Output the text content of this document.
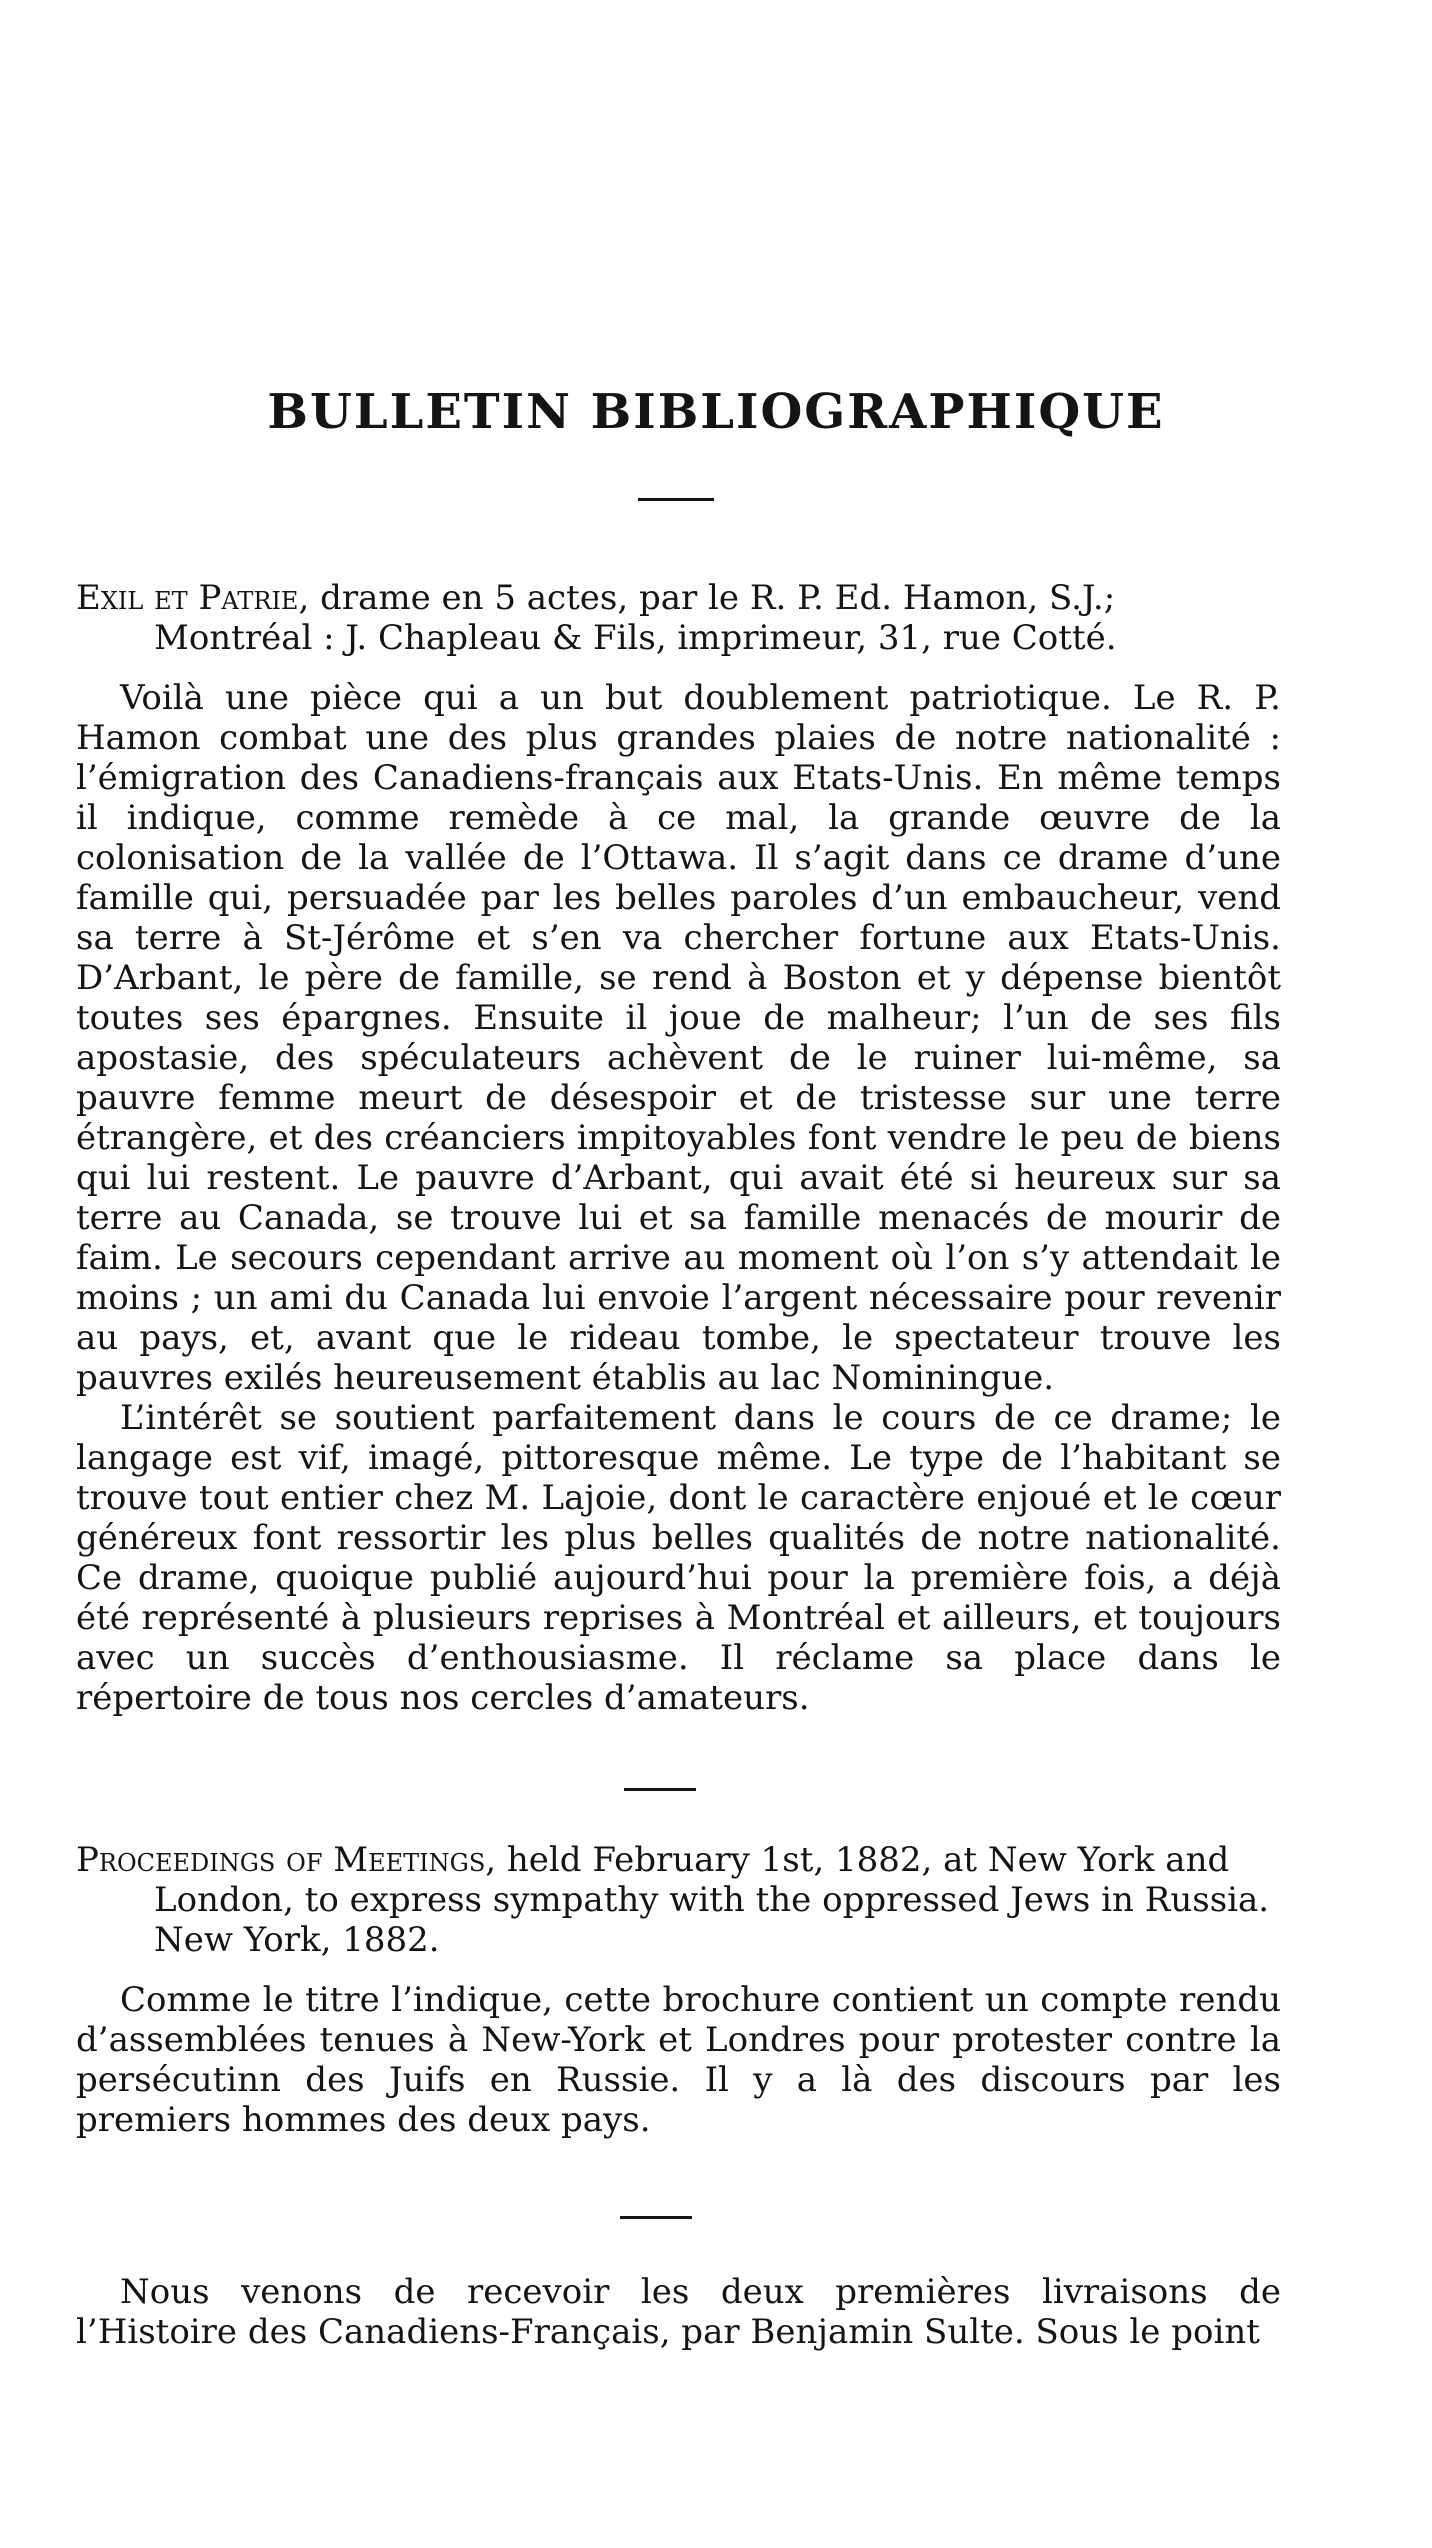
BULLETIN BIBLIOGRAPHIQUE

Exil et Patrie, drame en 5 actes, par le R. P. Ed. Hamon, S.J.; Montréal : J. Chapleau & Fils, imprimeur, 31, rue Cotté.

Voilà une pièce qui a un but doublement patriotique. Le R. P. Hamon combat une des plus grandes plaies de notre nationalité : l’émigration des Canadiens-français aux Etats-Unis. En même temps il indique, comme remède à ce mal, la grande œuvre de la colonisation de la vallée de l’Ottawa. Il s’agit dans ce drame d’une famille qui, persuadée par les belles paroles d’un embaucheur, vend sa terre à St-Jérôme et s’en va chercher fortune aux Etats-Unis. D’Arbant, le père de famille, se rend à Boston et y dépense bientôt toutes ses épargnes. Ensuite il joue de malheur; l’un de ses fils apostasie, des spéculateurs achèvent de le ruiner lui-même, sa pauvre femme meurt de désespoir et de tristesse sur une terre étrangère, et des créanciers impitoyables font vendre le peu de biens qui lui restent. Le pauvre d’Arbant, qui avait été si heureux sur sa terre au Canada, se trouve lui et sa famille menacés de mourir de faim. Le secours cependant arrive au moment où l’on s’y attendait le moins ; un ami du Canada lui envoie l’argent nécessaire pour revenir au pays, et, avant que le rideau tombe, le spectateur trouve les pauvres exilés heureusement établis au lac Nominingue.

L’intérêt se soutient parfaitement dans le cours de ce drame; le langage est vif, imagé, pittoresque même. Le type de l’habitant se trouve tout entier chez M. Lajoie, dont le caractère enjoué et le cœur généreux font ressortir les plus belles qualités de notre nationalité. Ce drame, quoique publié aujourd’hui pour la première fois, a déjà été représenté à plusieurs reprises à Montréal et ailleurs, et toujours avec un succès d’enthousiasme. Il réclame sa place dans le répertoire de tous nos cercles d’amateurs.

Proceedings of Meetings, held February 1st, 1882, at New York and London, to express sympathy with the oppressed Jews in Russia. New York, 1882.

Comme le titre l’indique, cette brochure contient un compte rendu d’assemblées tenues à New-York et Londres pour protester contre la persécutinn des Juifs en Russie. Il y a là des discours par les premiers hommes des deux pays.

Nous venons de recevoir les deux premières livraisons de l’Histoire des Canadiens-Français, par Benjamin Sulte. Sous le point
